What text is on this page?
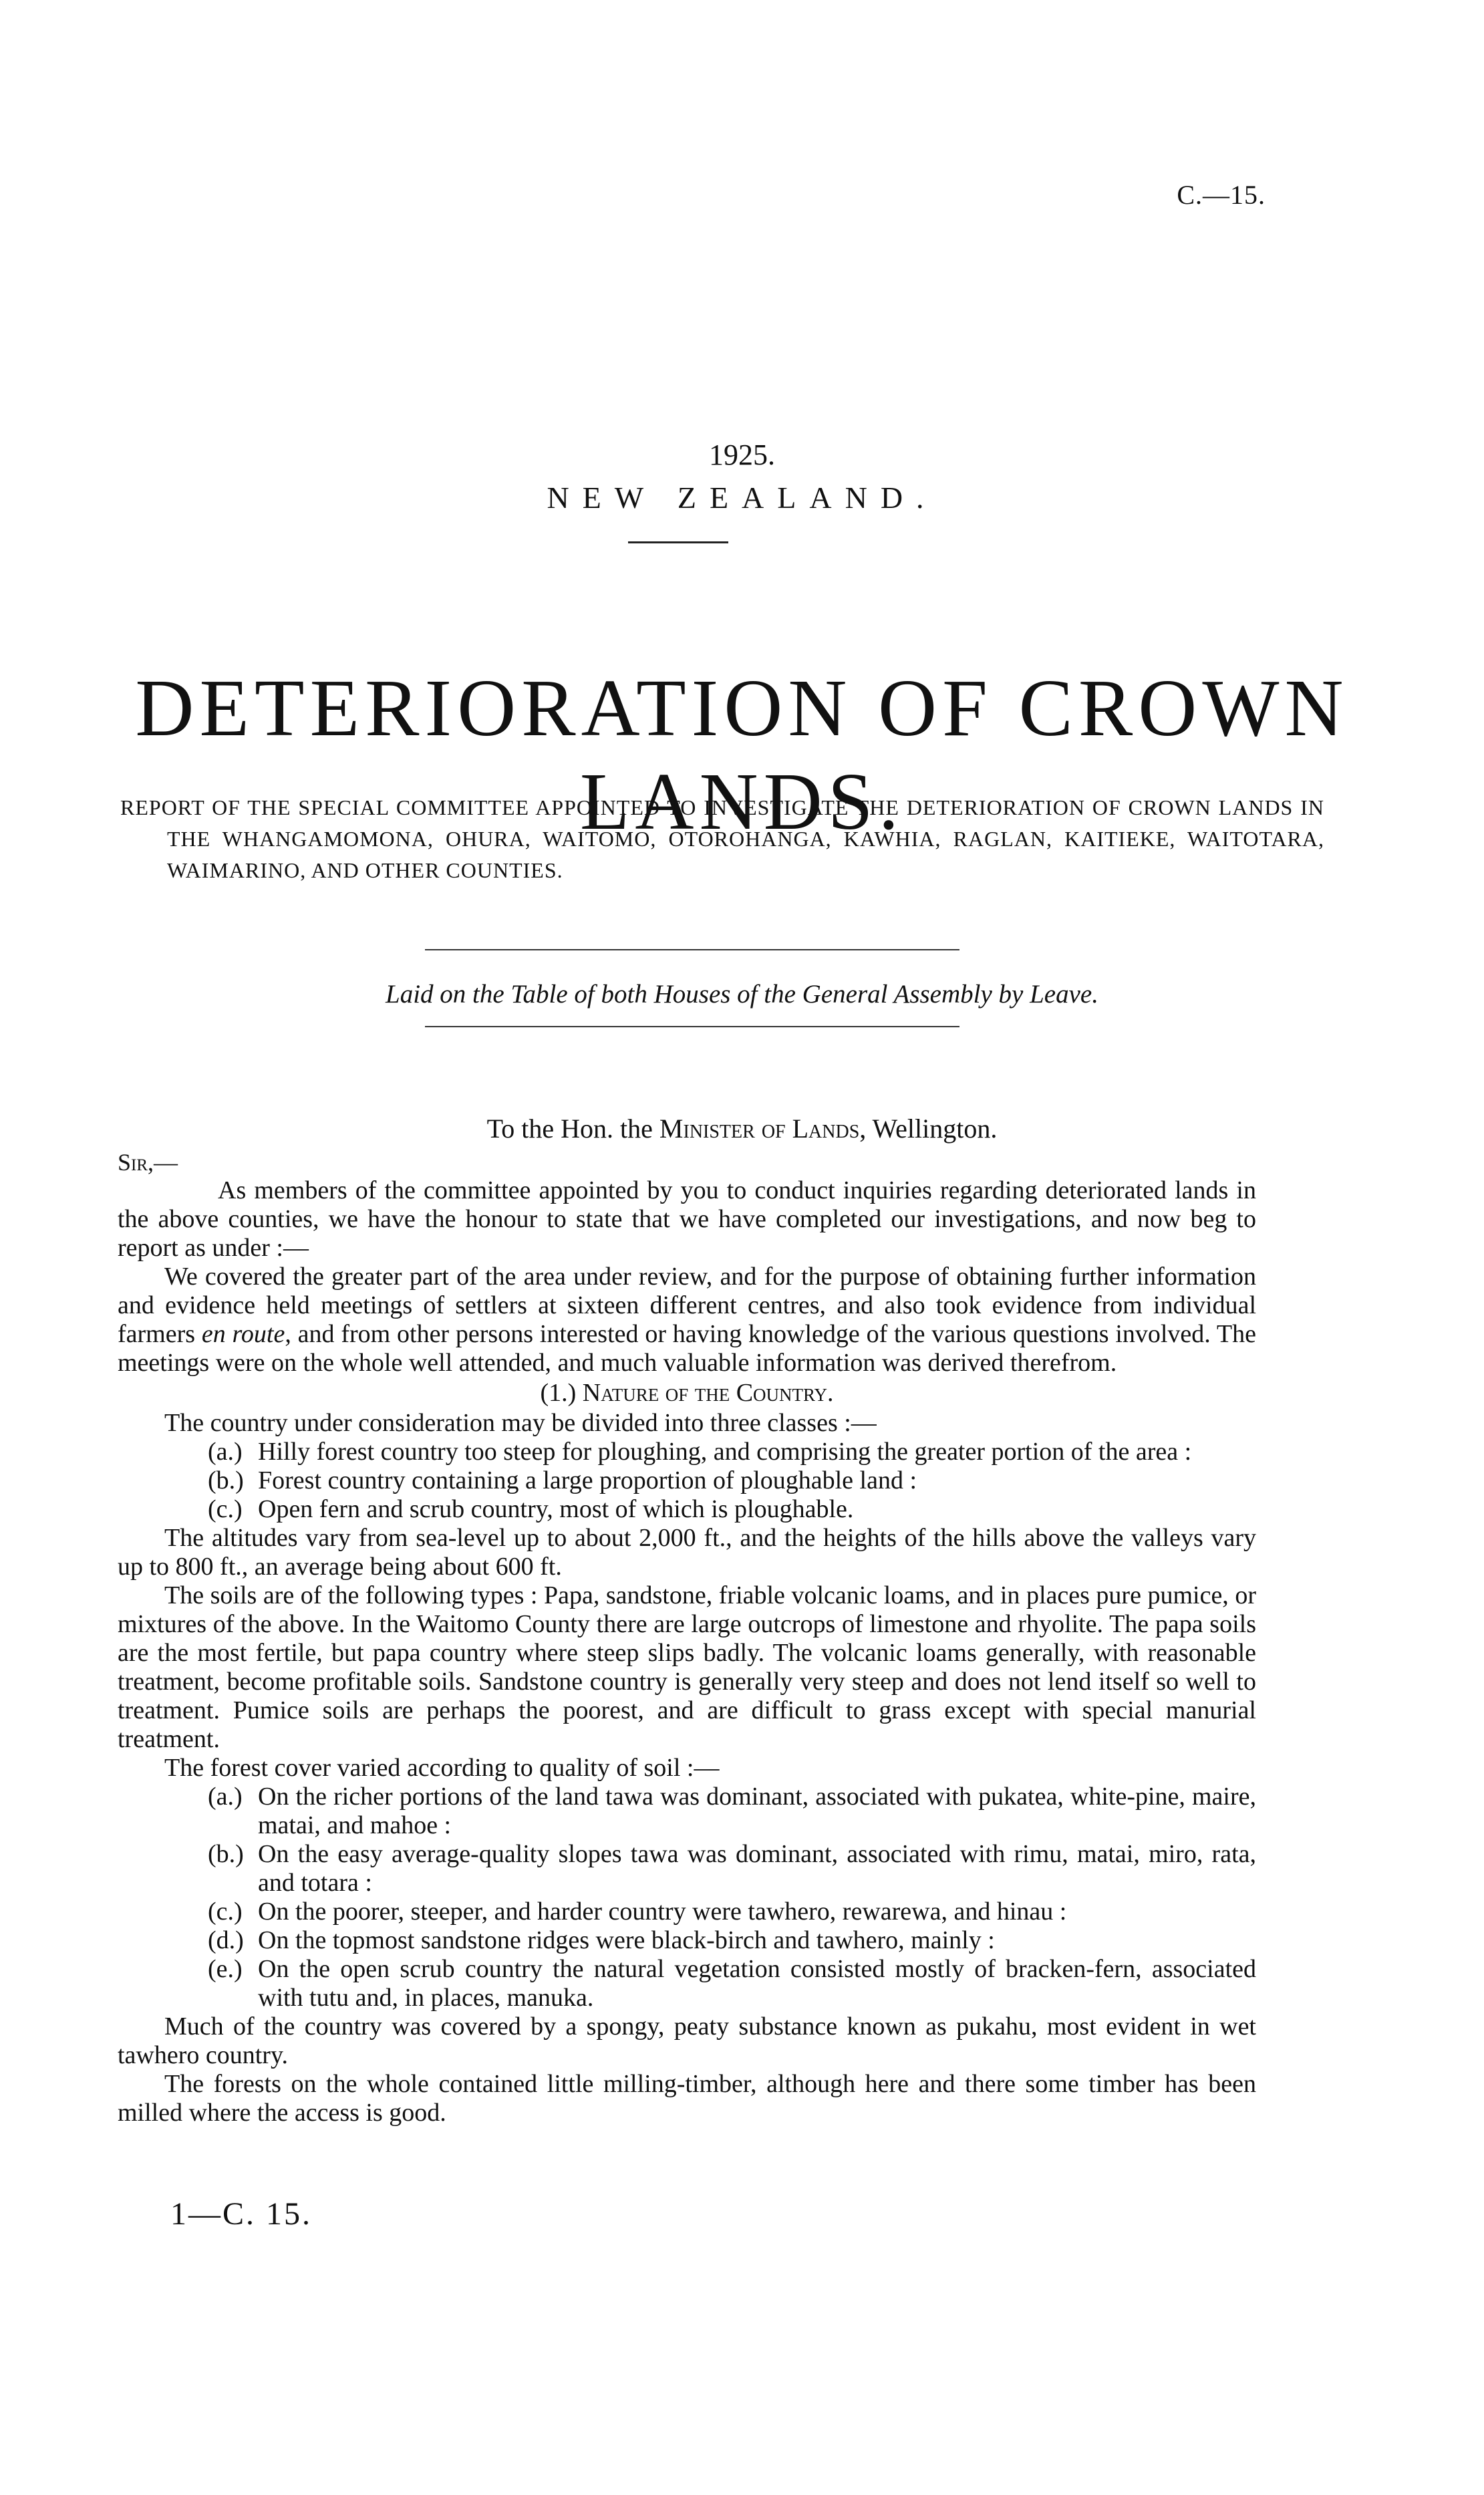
C.—15.
1925.
NEW ZEALAND.
DETERIORATION OF CROWN LANDS.
REPORT OF THE SPECIAL COMMITTEE APPOINTED TO INVESTIGATE THE DETERIORATION OF CROWN LANDS IN THE WHANGAMOMONA, OHURA, WAITOMO, OTOROHANGA, KAWHIA, RAGLAN, KAITIEKE, WAITOTARA, WAIMARINO, AND OTHER COUNTIES.
Laid on the Table of both Houses of the General Assembly by Leave.
To the Hon. the Minister of Lands, Wellington.
Sir,—

As members of the committee appointed by you to conduct inquiries regarding deteriorated lands in the above counties, we have the honour to state that we have completed our investigations, and now beg to report as under :—

We covered the greater part of the area under review, and for the purpose of obtaining further information and evidence held meetings of settlers at sixteen different centres, and also took evidence from individual farmers en route, and from other persons interested or having knowledge of the various questions involved. The meetings were on the whole well attended, and much valuable information was derived therefrom.

(1.) Nature of the Country.

The country under consideration may be divided into three classes :—

(a.) Hilly forest country too steep for ploughing, and comprising the greater portion of the area :

(b.) Forest country containing a large proportion of ploughable land :

(c.) Open fern and scrub country, most of which is ploughable.

The altitudes vary from sea-level up to about 2,000 ft., and the heights of the hills above the valleys vary up to 800 ft., an average being about 600 ft.

The soils are of the following types : Papa, sandstone, friable volcanic loams, and in places pure pumice, or mixtures of the above. In the Waitomo County there are large outcrops of limestone and rhyolite. The papa soils are the most fertile, but papa country where steep slips badly. The volcanic loams generally, with reasonable treatment, become profitable soils. Sandstone country is generally very steep and does not lend itself so well to treatment. Pumice soils are perhaps the poorest, and are difficult to grass except with special manurial treatment.

The forest cover varied according to quality of soil :—

(a.) On the richer portions of the land tawa was dominant, associated with pukatea, white-pine, maire, matai, and mahoe :

(b.) On the easy average-quality slopes tawa was dominant, associated with rimu, matai, miro, rata, and totara :

(c.) On the poorer, steeper, and harder country were tawhero, rewarewa, and hinau :

(d.) On the topmost sandstone ridges were black-birch and tawhero, mainly :

(e.) On the open scrub country the natural vegetation consisted mostly of bracken-fern, associated with tutu and, in places, manuka.

Much of the country was covered by a spongy, peaty substance known as pukahu, most evident in wet tawhero country.

The forests on the whole contained little milling-timber, although here and there some timber has been milled where the access is good.

1—C. 15.
